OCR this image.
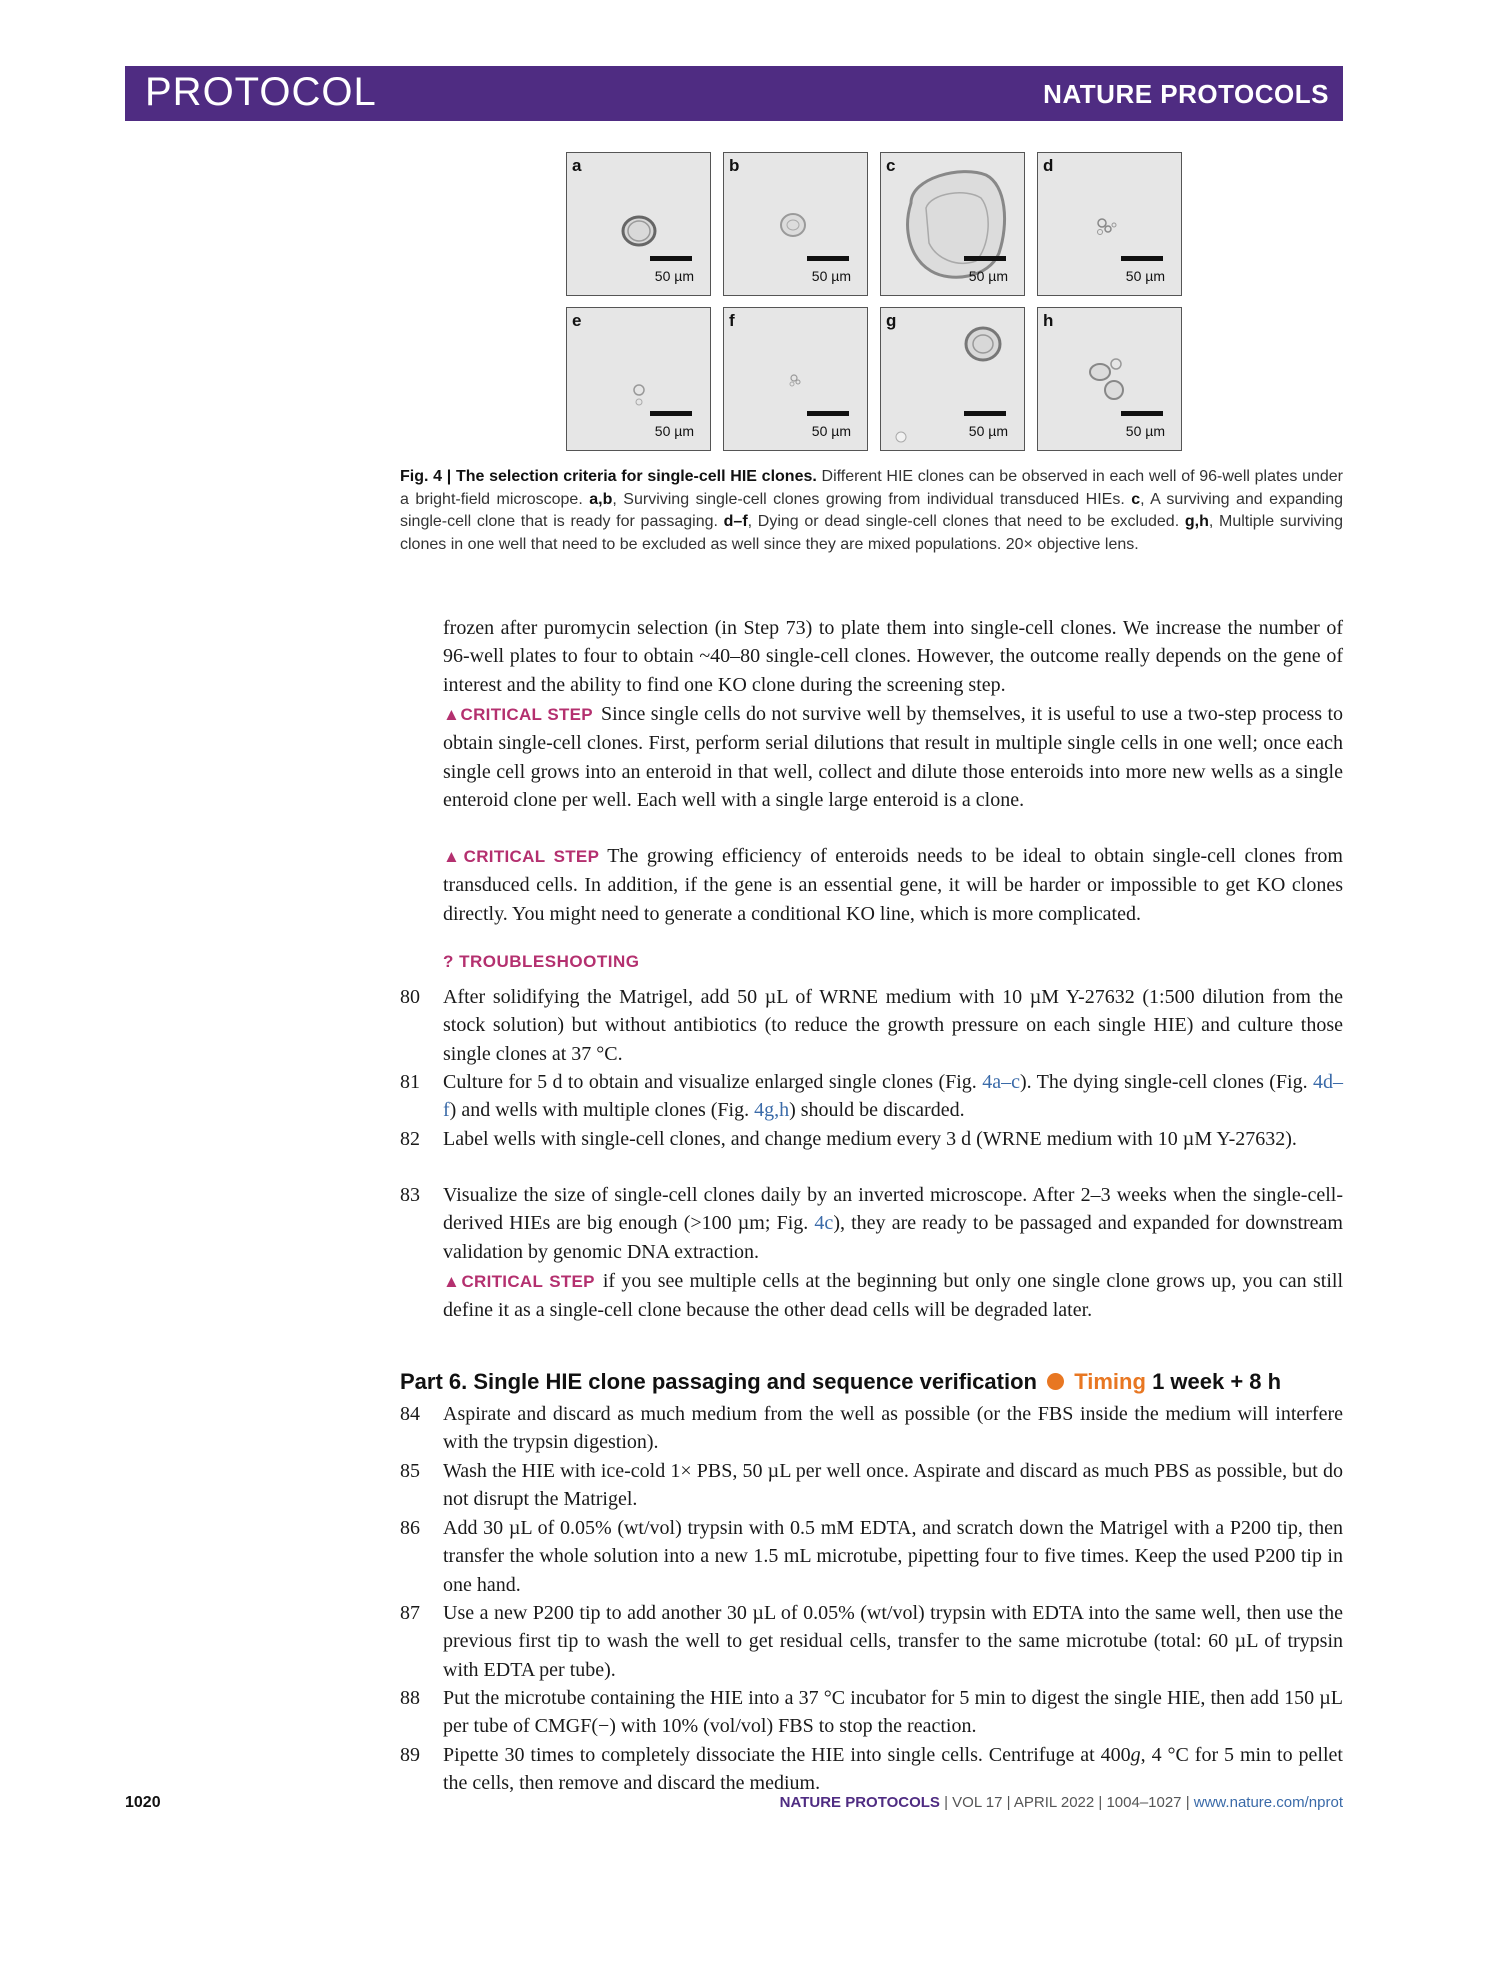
PROTOCOL	NATURE PROTOCOLS
a
50 µm
b
50 µm
c
50 µm
d
50 µm
e
50 µm
f
50 µm
g
50 µm
h
50 µm
Fig. 4 | The selection criteria for single-cell HIE clones. Different HIE clones can be observed in each well of 96-well plates under a bright-field microscope. a,b, Surviving single-cell clones growing from individual transduced HIEs. c, A surviving and expanding single-cell clone that is ready for passaging. d–f, Dying or dead single-cell clones that need to be excluded. g,h, Multiple surviving clones in one well that need to be excluded as well since they are mixed populations. 20× objective lens.
frozen after puromycin selection (in Step 73) to plate them into single-cell clones. We increase the number of 96-well plates to four to obtain ~40–80 single-cell clones. However, the outcome really depends on the gene of interest and the ability to find one KO clone during the screening step.
▲CRITICAL STEP Since single cells do not survive well by themselves, it is useful to use a two-step process to obtain single-cell clones. First, perform serial dilutions that result in multiple single cells in one well; once each single cell grows into an enteroid in that well, collect and dilute those enteroids into more new wells as a single enteroid clone per well. Each well with a single large enteroid is a clone.
▲CRITICAL STEP The growing efficiency of enteroids needs to be ideal to obtain single-cell clones from transduced cells. In addition, if the gene is an essential gene, it will be harder or impossible to get KO clones directly. You might need to generate a conditional KO line, which is more complicated.
? TROUBLESHOOTING
80	After solidifying the Matrigel, add 50 µL of WRNE medium with 10 µM Y-27632 (1:500 dilution from the stock solution) but without antibiotics (to reduce the growth pressure on each single HIE) and culture those single clones at 37 °C.
81	Culture for 5 d to obtain and visualize enlarged single clones (Fig. 4a–c). The dying single-cell clones (Fig. 4d–f) and wells with multiple clones (Fig. 4g,h) should be discarded.
82	Label wells with single-cell clones, and change medium every 3 d (WRNE medium with 10 µM Y-27632).
83	Visualize the size of single-cell clones daily by an inverted microscope. After 2–3 weeks when the single-cell-derived HIEs are big enough (>100 µm; Fig. 4c), they are ready to be passaged and expanded for downstream validation by genomic DNA extraction.
▲CRITICAL STEP if you see multiple cells at the beginning but only one single clone grows up, you can still define it as a single-cell clone because the other dead cells will be degraded later.
Part 6. Single HIE clone passaging and sequence verification Timing 1 week + 8 h
84	Aspirate and discard as much medium from the well as possible (or the FBS inside the medium will interfere with the trypsin digestion).
85	Wash the HIE with ice-cold 1× PBS, 50 µL per well once. Aspirate and discard as much PBS as possible, but do not disrupt the Matrigel.
86	Add 30 µL of 0.05% (wt/vol) trypsin with 0.5 mM EDTA, and scratch down the Matrigel with a P200 tip, then transfer the whole solution into a new 1.5 mL microtube, pipetting four to five times. Keep the used P200 tip in one hand.
87	Use a new P200 tip to add another 30 µL of 0.05% (wt/vol) trypsin with EDTA into the same well, then use the previous first tip to wash the well to get residual cells, transfer to the same microtube (total: 60 µL of trypsin with EDTA per tube).
88	Put the microtube containing the HIE into a 37 °C incubator for 5 min to digest the single HIE, then add 150 µL per tube of CMGF(−) with 10% (vol/vol) FBS to stop the reaction.
89	Pipette 30 times to completely dissociate the HIE into single cells. Centrifuge at 400g, 4 °C for 5 min to pellet the cells, then remove and discard the medium.
1020	NATURE PROTOCOLS | VOL 17 | APRIL 2022 | 1004–1027 | www.nature.com/nprot
